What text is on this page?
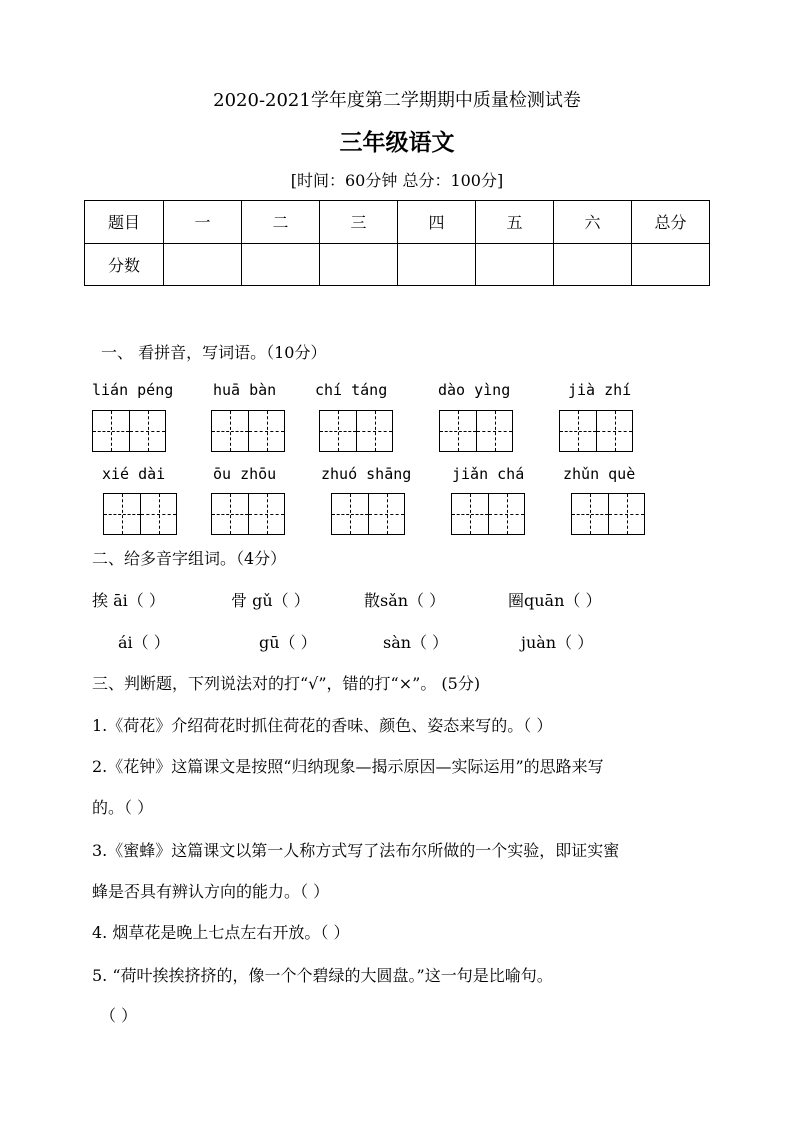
2020-2021学年度第二学期期中质量检测试卷
三年级语文
[时间：60分钟 总分：100分]
题目	一	二	三	四	五	六	总分
分数							
一、 看拼音，写词语。（10分）
lián péng	huā bàn	chí táng	dào yìng	jià zhí
xié dài	ōu zhōu	zhuó shāng	jiǎn chá	zhǔn què
二、给多音字组词。（4分）
挨 āi（ ）	骨 gǔ（ ）	散sǎn（ ）	圈quān（ ）
ái（ ）	gū（ ）	sàn（ ）	juàn（ ）
三、判断题，下列说法对的打“√”，错的打“×”。 (5分)
1.《荷花》介绍荷花时抓住荷花的香味、颜色、姿态来写的。（ ）
2.《花钟》这篇课文是按照“归纳现象—揭示原因—实际运用”的思路来写
的。（ ）
3.《蜜蜂》这篇课文以第一人称方式写了法布尔所做的一个实验，即证实蜜
蜂是否具有辨认方向的能力。（ ）
4. 烟草花是晚上七点左右开放。（ ）
5. “荷叶挨挨挤挤的，像一个个碧绿的大圆盘。”这一句是比喻句。
（ ）
